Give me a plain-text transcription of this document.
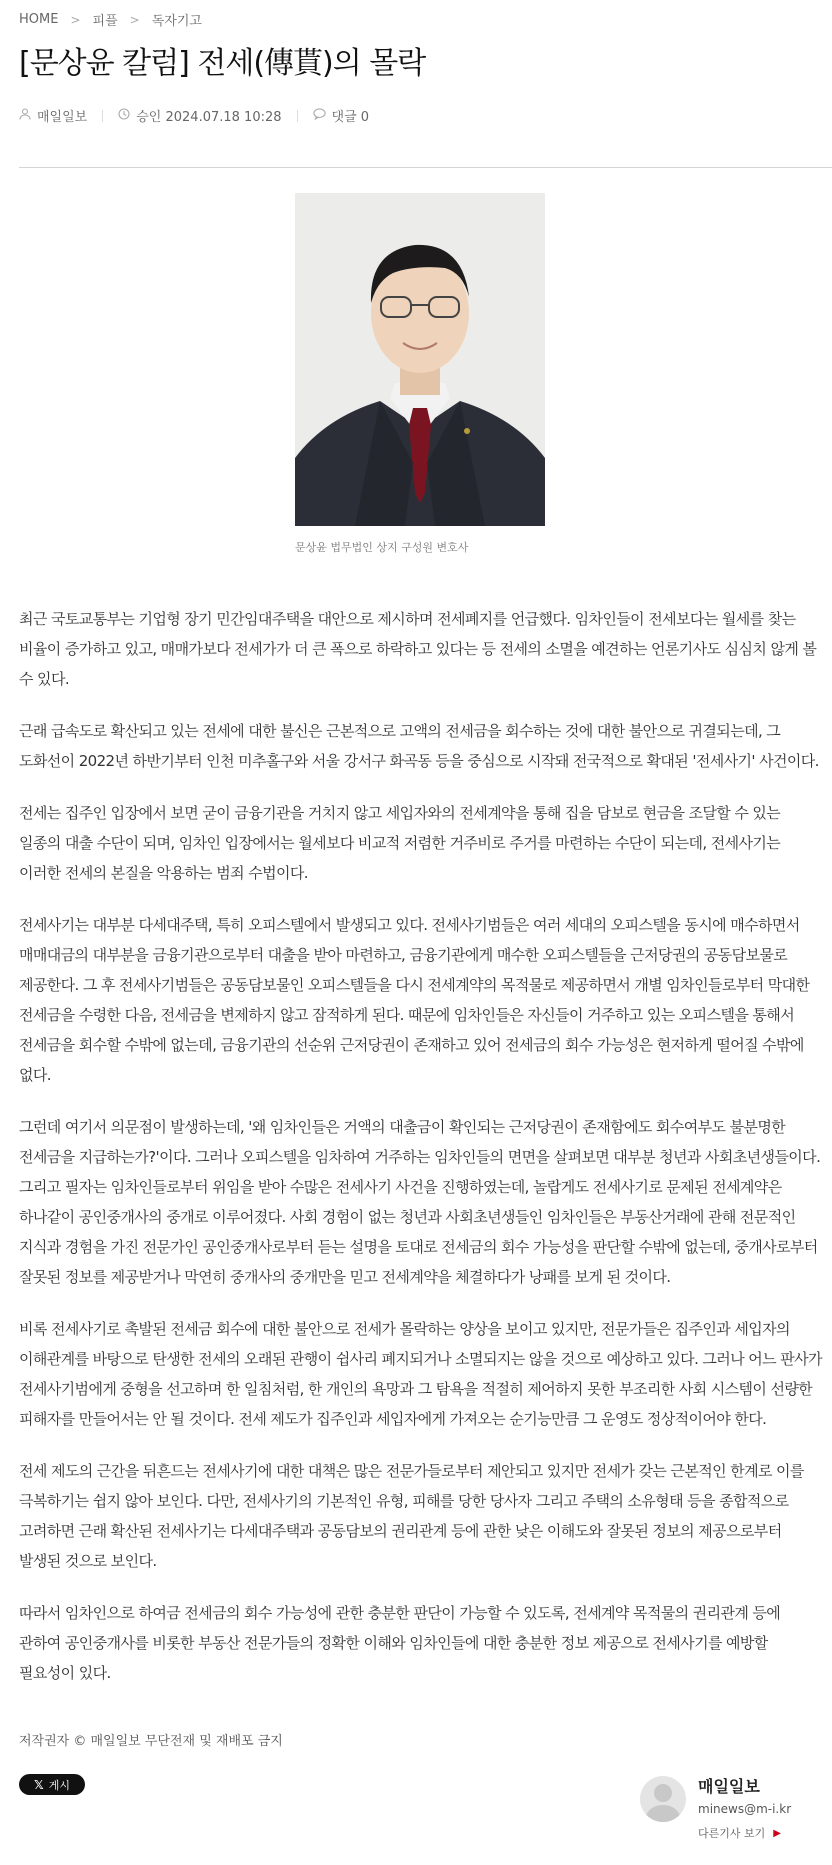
HOME > 피플 > 독자기고
[문상윤 칼럼] 전세(傳貰)의 몰락
매일일보	승인 2024.07.18 10:28	댓글 0
문상윤 법무법인 상지 구성원 변호사

최근 국토교통부는 기업형 장기 민간임대주택을 대안으로 제시하며 전세폐지를 언급했다. 임차인들이 전세보다는 월세를 찾는 비율이 증가하고 있고, 매매가보다 전세가가 더 큰 폭으로 하락하고 있다는 등 전세의 소멸을 예견하는 언론기사도 심심치 않게 볼 수 있다.

근래 급속도로 확산되고 있는 전세에 대한 불신은 근본적으로 고액의 전세금을 회수하는 것에 대한 불안으로 귀결되는데, 그 도화선이 2022년 하반기부터 인천 미추홀구와 서울 강서구 화곡동 등을 중심으로 시작돼 전국적으로 확대된 '전세사기' 사건이다.

전세는 집주인 입장에서 보면 굳이 금융기관을 거치지 않고 세입자와의 전세계약을 통해 집을 담보로 현금을 조달할 수 있는 일종의 대출 수단이 되며, 임차인 입장에서는 월세보다 비교적 저렴한 거주비로 주거를 마련하는 수단이 되는데, 전세사기는 이러한 전세의 본질을 악용하는 범죄 수법이다.

전세사기는 대부분 다세대주택, 특히 오피스텔에서 발생되고 있다. 전세사기범들은 여러 세대의 오피스텔을 동시에 매수하면서 매매대금의 대부분을 금융기관으로부터 대출을 받아 마련하고, 금융기관에게 매수한 오피스텔들을 근저당권의 공동담보물로 제공한다. 그 후 전세사기범들은 공동담보물인 오피스텔들을 다시 전세계약의 목적물로 제공하면서 개별 임차인들로부터 막대한 전세금을 수령한 다음, 전세금을 변제하지 않고 잠적하게 된다. 때문에 임차인들은 자신들이 거주하고 있는 오피스텔을 통해서 전세금을 회수할 수밖에 없는데, 금융기관의 선순위 근저당권이 존재하고 있어 전세금의 회수 가능성은 현저하게 떨어질 수밖에 없다.

그런데 여기서 의문점이 발생하는데, '왜 임차인들은 거액의 대출금이 확인되는 근저당권이 존재함에도 회수여부도 불분명한 전세금을 지급하는가?'이다. 그러나 오피스텔을 임차하여 거주하는 임차인들의 면면을 살펴보면 대부분 청년과 사회초년생들이다. 그리고 필자는 임차인들로부터 위임을 받아 수많은 전세사기 사건을 진행하였는데, 놀랍게도 전세사기로 문제된 전세계약은 하나같이 공인중개사의 중개로 이루어졌다. 사회 경험이 없는 청년과 사회초년생들인 임차인들은 부동산거래에 관해 전문적인 지식과 경험을 가진 전문가인 공인중개사로부터 듣는 설명을 토대로 전세금의 회수 가능성을 판단할 수밖에 없는데, 중개사로부터 잘못된 정보를 제공받거나 막연히 중개사의 중개만을 믿고 전세계약을 체결하다가 낭패를 보게 된 것이다.

비록 전세사기로 촉발된 전세금 회수에 대한 불안으로 전세가 몰락하는 양상을 보이고 있지만, 전문가들은 집주인과 세입자의 이해관계를 바탕으로 탄생한 전세의 오래된 관행이 쉽사리 폐지되거나 소멸되지는 않을 것으로 예상하고 있다. 그러나 어느 판사가 전세사기범에게 중형을 선고하며 한 일침처럼, 한 개인의 욕망과 그 탐욕을 적절히 제어하지 못한 부조리한 사회 시스템이 선량한 피해자를 만들어서는 안 될 것이다. 전세 제도가 집주인과 세입자에게 가져오는 순기능만큼 그 운영도 정상적이어야 한다.

전세 제도의 근간을 뒤흔드는 전세사기에 대한 대책은 많은 전문가들로부터 제안되고 있지만 전세가 갖는 근본적인 한계로 이를 극복하기는 쉽지 않아 보인다. 다만, 전세사기의 기본적인 유형, 피해를 당한 당사자 그리고 주택의 소유형태 등을 종합적으로 고려하면 근래 확산된 전세사기는 다세대주택과 공동담보의 권리관계 등에 관한 낮은 이해도와 잘못된 정보의 제공으로부터 발생된 것으로 보인다.

따라서 임차인으로 하여금 전세금의 회수 가능성에 관한 충분한 판단이 가능할 수 있도록, 전세계약 목적물의 권리관계 등에 관하여 공인중개사를 비롯한 부동산 전문가들의 정확한 이해와 임차인들에 대한 충분한 정보 제공으로 전세사기를 예방할 필요성이 있다.

저작권자 © 매일일보 무단전재 및 재배포 금지
𝕏 게시	매일일보
minews@m-i.kr
다른기사 보기 ▶
